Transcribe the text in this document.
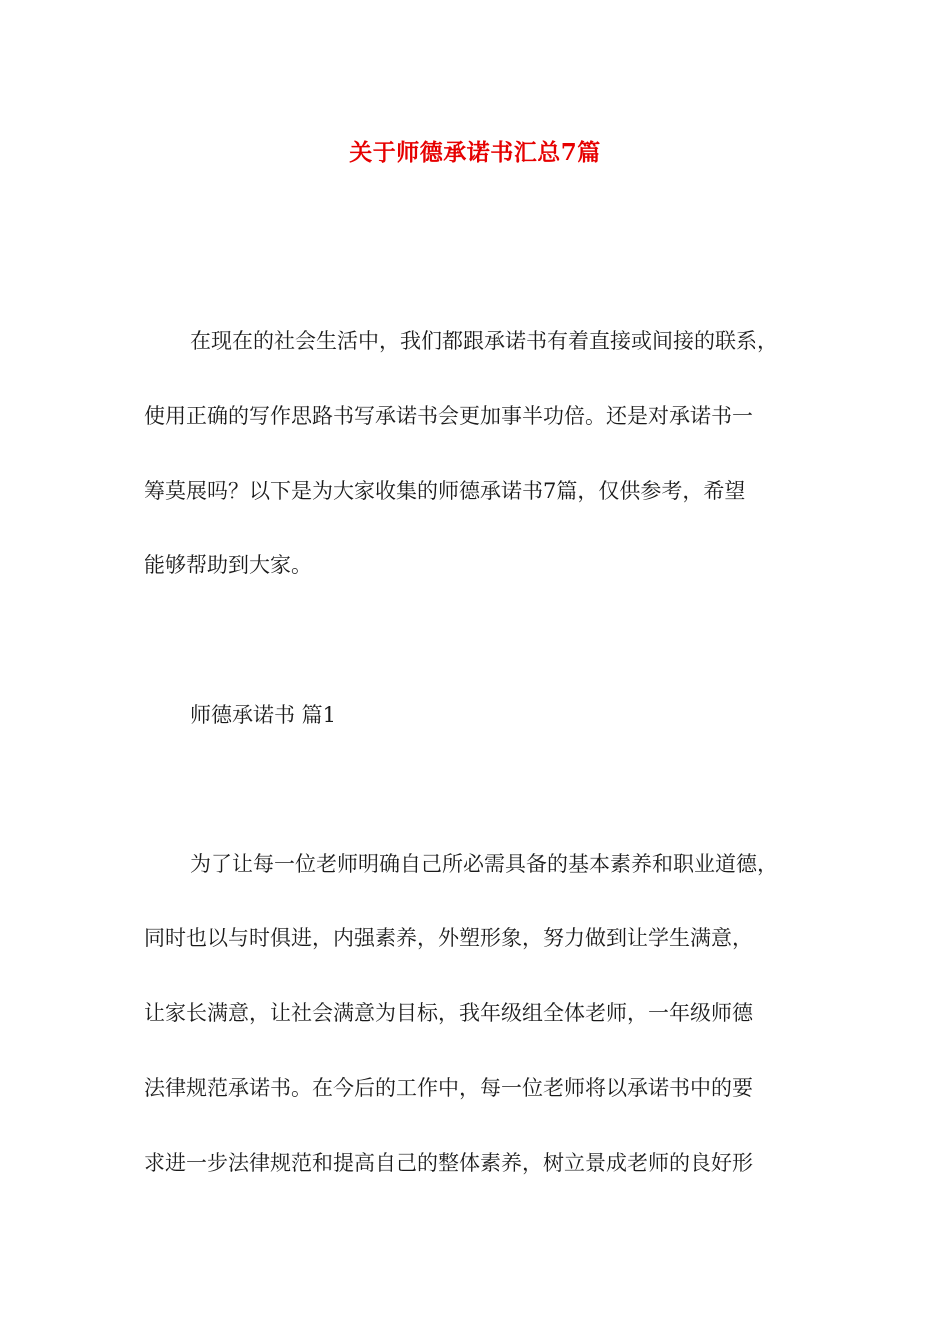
关于师德承诺书汇总7篇
在现在的社会生活中，我们都跟承诺书有着直接或间接的联系，
使用正确的写作思路书写承诺书会更加事半功倍。还是对承诺书一
筹莫展吗？以下是为大家收集的师德承诺书7篇，仅供参考，希望
能够帮助到大家。
师德承诺书 篇1
为了让每一位老师明确自己所必需具备的基本素养和职业道德，
同时也以与时俱进，内强素养，外塑形象，努力做到让学生满意，
让家长满意，让社会满意为目标，我年级组全体老师，一年级师德
法律规范承诺书。在今后的工作中，每一位老师将以承诺书中的要
求进一步法律规范和提高自己的整体素养，树立景成老师的良好形
